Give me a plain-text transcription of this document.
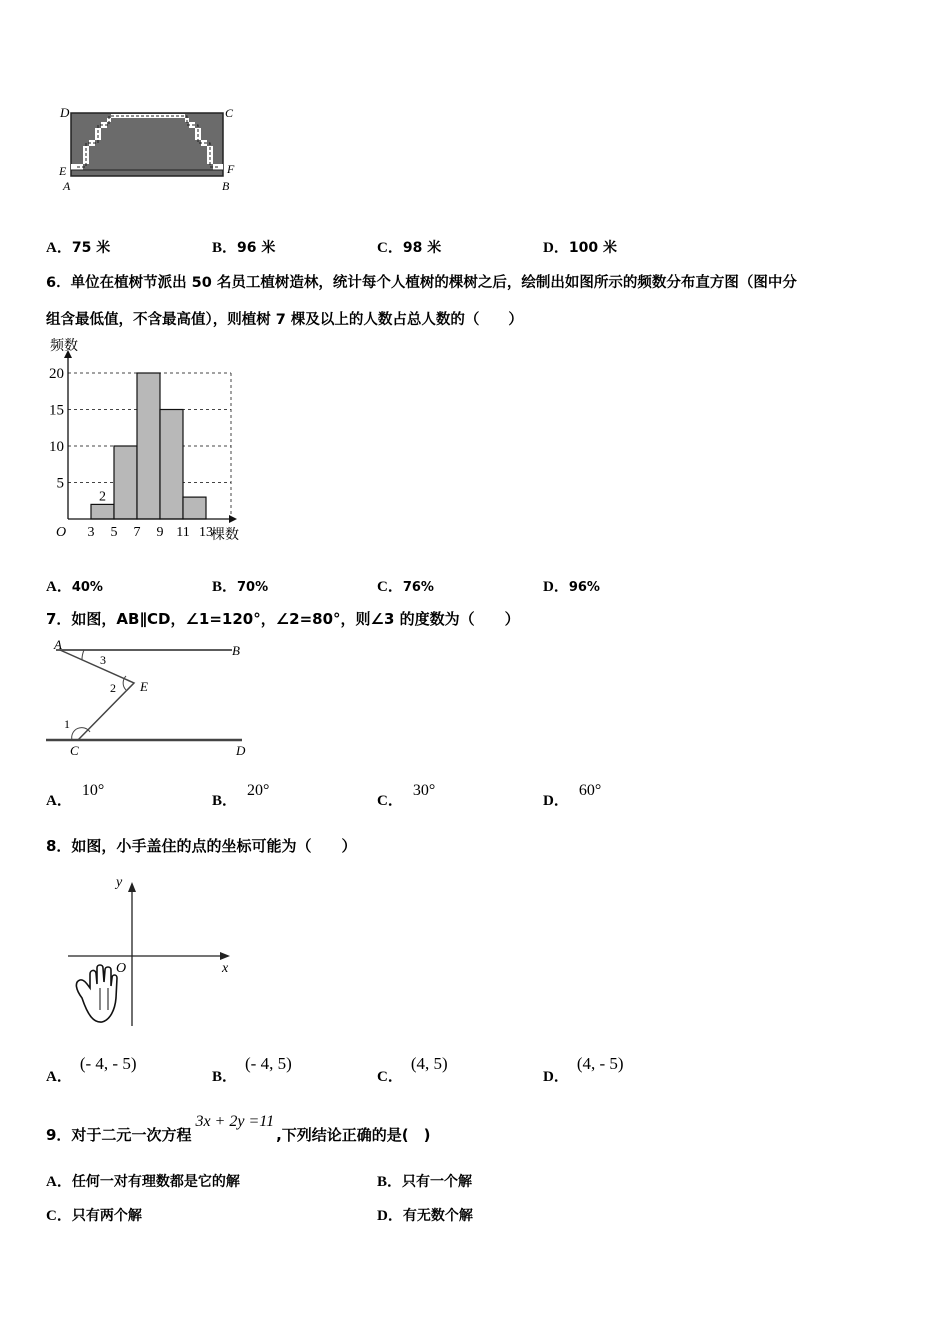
D	C
E	F
A	B
A．75 米	B．96 米	C．98 米	D．100 米
6．单位在植树节派出 50 名员工植树造林，统计每个人植树的棵树之后，绘制出如图所示的频数分布直方图（图中分
组含最低值，不含最高值），则植树 7 棵及以上的人数占总人数的（　　）
5
10
15
20
3 5 7 9 11 13
O
频数
棵数
2
A．40%	B．70%	C．76%	D．96%
7．如图，AB∥CD，∠1=120°，∠2=80°，则∠3 的度数为（　　）
A	B
E
C	D
3
2
1
A．10°
B．20°
C．30°
D．60°
8．如图，小手盖住的点的坐标可能为（　　）
x
y
O
A．(- 4, - 5)
B．(- 4, 5)
C．(4, 5)
D．(4, - 5)
9．对于二元一次方程3x + 2y =11,下列结论正确的是(　)
A．任何一对有理数都是它的解	B．只有一个解
C．只有两个解	D．有无数个解
